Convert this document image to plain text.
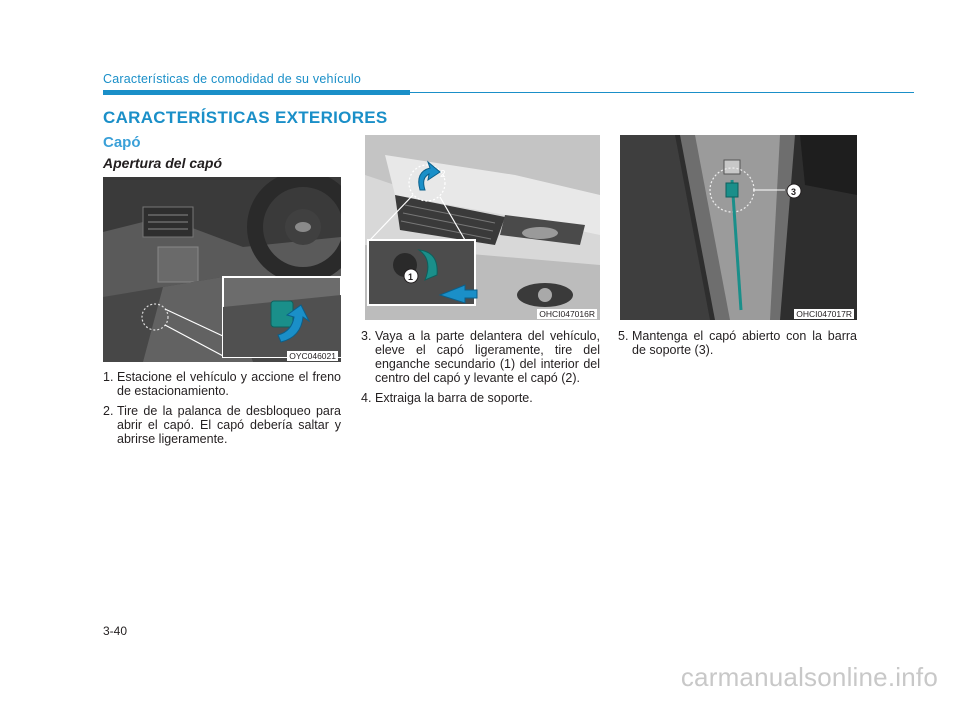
Características de comodidad de su vehículo
CARACTERÍSTICAS EXTERIORES
Capó
Apertura del capó
OYC046021
2
1
OHCI047016R
3
OHCI047017R
1. Estacione el vehículo y accione el freno de estacionamiento.
2. Tire de la palanca de desbloqueo para abrir el capó. El capó debería saltar y abrirse ligeramente.
3. Vaya a la parte delantera del vehículo, eleve el capó ligeramente, tire del enganche secundario (1) del interior del centro del capó y levante el capó (2).
4. Extraiga la barra de soporte.
5. Mantenga el capó abierto con la barra de soporte (3).
3-40
carmanualsonline.info
